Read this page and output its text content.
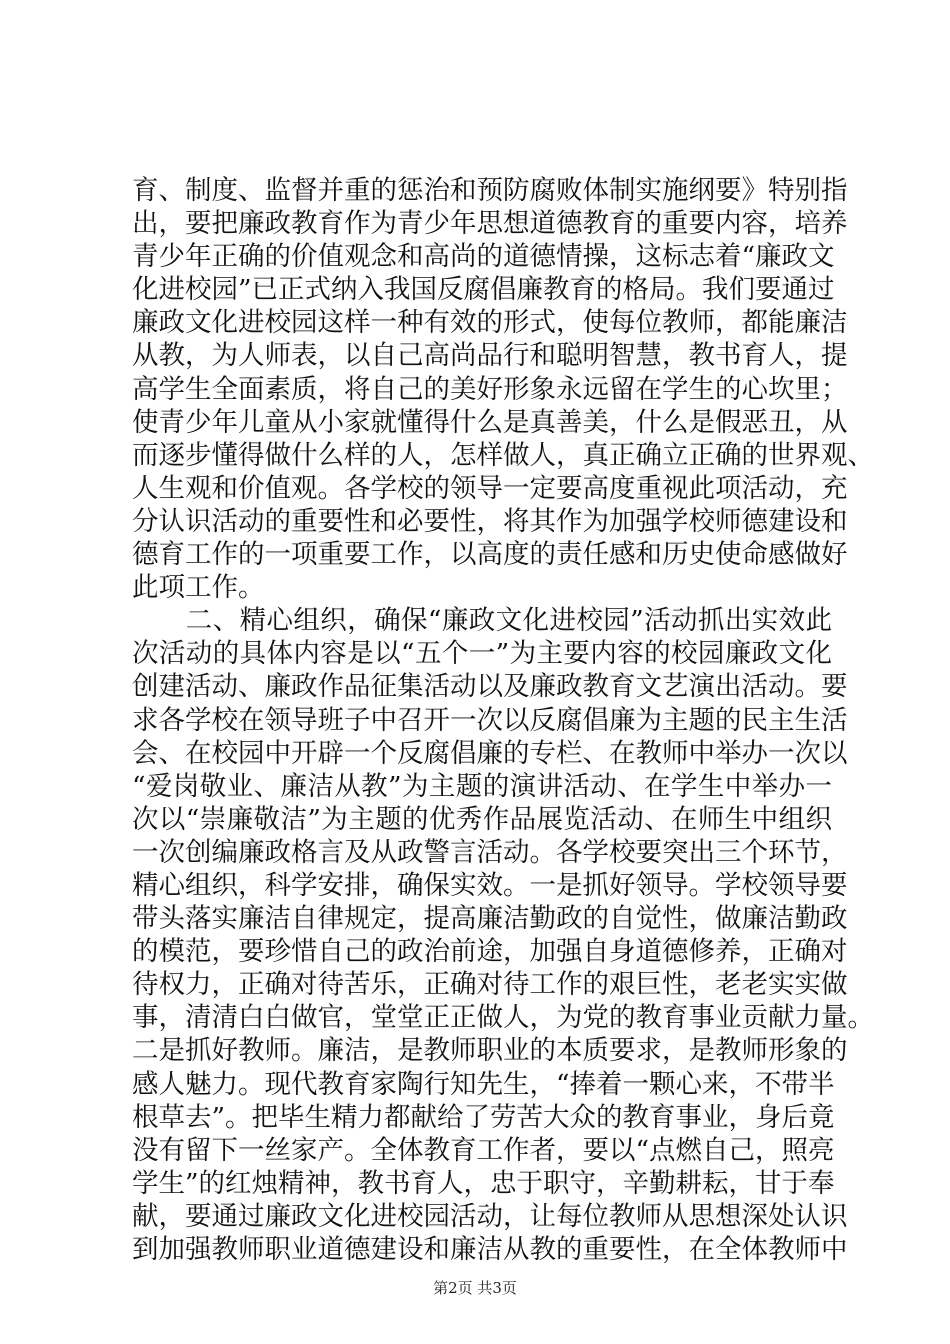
育、制度、监督并重的惩治和预防腐败体制实施纲要》特别指
出，要把廉政教育作为青少年思想道德教育的重要内容，培养
青少年正确的价值观念和高尚的道德情操，这标志着“廉政文
化进校园”已正式纳入我国反腐倡廉教育的格局。我们要通过
廉政文化进校园这样一种有效的形式，使每位教师，都能廉洁
从教，为人师表，以自己高尚品行和聪明智慧，教书育人，提
高学生全面素质，将自己的美好形象永远留在学生的心坎里；
使青少年儿童从小家就懂得什么是真善美，什么是假恶丑，从
而逐步懂得做什么样的人，怎样做人，真正确立正确的世界观、
人生观和价值观。各学校的领导一定要高度重视此项活动，充
分认识活动的重要性和必要性，将其作为加强学校师德建设和
德育工作的一项重要工作，以高度的责任感和历史使命感做好
此项工作。
　　二、精心组织，确保“廉政文化进校园”活动抓出实效此
次活动的具体内容是以“五个一”为主要内容的校园廉政文化
创建活动、廉政作品征集活动以及廉政教育文艺演出活动。要
求各学校在领导班子中召开一次以反腐倡廉为主题的民主生活
会、在校园中开辟一个反腐倡廉的专栏、在教师中举办一次以
“爱岗敬业、廉洁从教”为主题的演讲活动、在学生中举办一
次以“崇廉敬洁”为主题的优秀作品展览活动、在师生中组织
一次创编廉政格言及从政警言活动。各学校要突出三个环节，
精心组织，科学安排，确保实效。一是抓好领导。学校领导要
带头落实廉洁自律规定，提高廉洁勤政的自觉性，做廉洁勤政
的模范，要珍惜自己的政治前途，加强自身道德修养，正确对
待权力，正确对待苦乐，正确对待工作的艰巨性，老老实实做
事，清清白白做官，堂堂正正做人，为党的教育事业贡献力量。
二是抓好教师。廉洁，是教师职业的本质要求，是教师形象的
感人魅力。现代教育家陶行知先生，“捧着一颗心来，不带半
根草去”。把毕生精力都献给了劳苦大众的教育事业，身后竟
没有留下一丝家产。全体教育工作者，要以“点燃自己，照亮
学生”的红烛精神，教书育人，忠于职守，辛勤耕耘，甘于奉
献，要通过廉政文化进校园活动，让每位教师从思想深处认识
到加强教师职业道德建设和廉洁从教的重要性，在全体教师中
第2页 共3页
